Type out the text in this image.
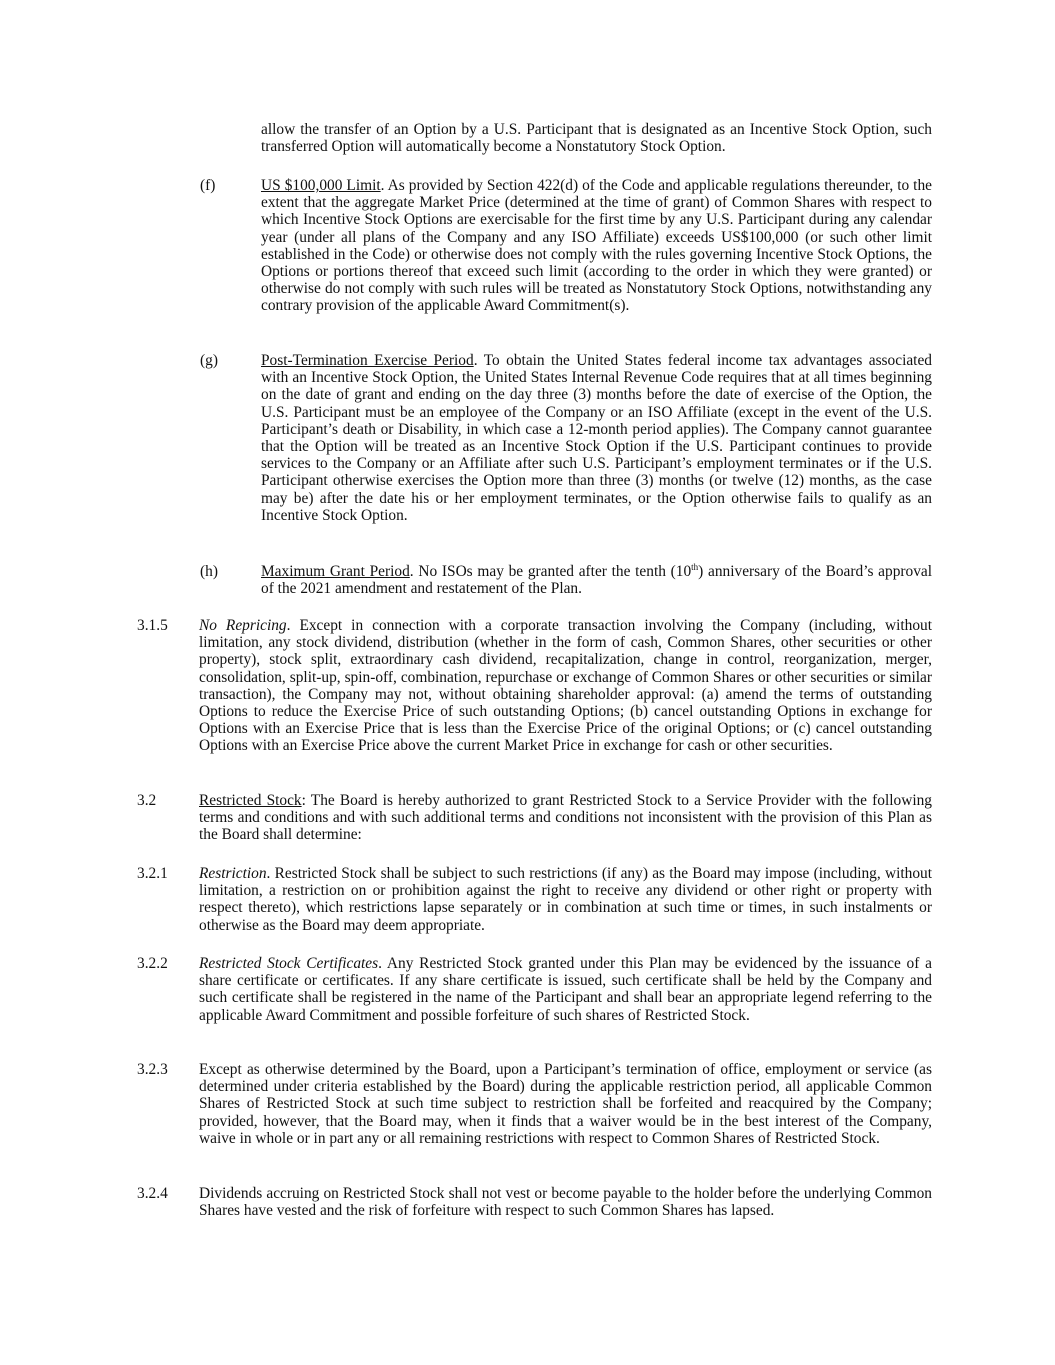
allow the transfer of an Option by a U.S. Participant that is designated as an Incentive Stock Option, such transferred Option will automatically become a Nonstatutory Stock Option.

(f)	US $100,000 Limit. As provided by Section 422(d) of the Code and applicable regulations thereunder, to the extent that the aggregate Market Price (determined at the time of grant) of Common Shares with respect to which Incentive Stock Options are exercisable for the first time by any U.S. Participant during any calendar year (under all plans of the Company and any ISO Affiliate) exceeds US$100,000 (or such other limit established in the Code) or otherwise does not comply with the rules governing Incentive Stock Options, the Options or portions thereof that exceed such limit (according to the order in which they were granted) or otherwise do not comply with such rules will be treated as Nonstatutory Stock Options, notwithstanding any contrary provision of the applicable Award Commitment(s).

(g)	Post-Termination Exercise Period. To obtain the United States federal income tax advantages associated with an Incentive Stock Option, the United States Internal Revenue Code requires that at all times beginning on the date of grant and ending on the day three (3) months before the date of exercise of the Option, the U.S. Participant must be an employee of the Company or an ISO Affiliate (except in the event of the U.S. Participant’s death or Disability, in which case a 12-month period applies). The Company cannot guarantee that the Option will be treated as an Incentive Stock Option if the U.S. Participant continues to provide services to the Company or an Affiliate after such U.S. Participant’s employment terminates or if the U.S. Participant otherwise exercises the Option more than three (3) months (or twelve (12) months, as the case may be) after the date his or her employment terminates, or the Option otherwise fails to qualify as an Incentive Stock Option.

(h)	Maximum Grant Period. No ISOs may be granted after the tenth (10th) anniversary of the Board’s approval of the 2021 amendment and restatement of the Plan.

3.1.5 No Repricing. Except in connection with a corporate transaction involving the Company (including, without limitation, any stock dividend, distribution (whether in the form of cash, Common Shares, other securities or other property), stock split, extraordinary cash dividend, recapitalization, change in control, reorganization, merger, consolidation, split-up, spin-off, combination, repurchase or exchange of Common Shares or other securities or similar transaction), the Company may not, without obtaining shareholder approval: (a) amend the terms of outstanding Options to reduce the Exercise Price of such outstanding Options; (b) cancel outstanding Options in exchange for Options with an Exercise Price that is less than the Exercise Price of the original Options; or (c) cancel outstanding Options with an Exercise Price above the current Market Price in exchange for cash or other securities.

3.2	Restricted Stock: The Board is hereby authorized to grant Restricted Stock to a Service Provider with the following terms and conditions and with such additional terms and conditions not inconsistent with the provision of this Plan as the Board shall determine:

3.2.1 Restriction. Restricted Stock shall be subject to such restrictions (if any) as the Board may impose (including, without limitation, a restriction on or prohibition against the right to receive any dividend or other right or property with respect thereto), which restrictions lapse separately or in combination at such time or times, in such instalments or otherwise as the Board may deem appropriate.

3.2.2 Restricted Stock Certificates. Any Restricted Stock granted under this Plan may be evidenced by the issuance of a share certificate or certificates. If any share certificate is issued, such certificate shall be held by the Company and such certificate shall be registered in the name of the Participant and shall bear an appropriate legend referring to the applicable Award Commitment and possible forfeiture of such shares of Restricted Stock.

3.2.3 Except as otherwise determined by the Board, upon a Participant’s termination of office, employment or service (as determined under criteria established by the Board) during the applicable restriction period, all applicable Common Shares of Restricted Stock at such time subject to restriction shall be forfeited and reacquired by the Company; provided, however, that the Board may, when it finds that a waiver would be in the best interest of the Company, waive in whole or in part any or all remaining restrictions with respect to Common Shares of Restricted Stock.

3.2.4 Dividends accruing on Restricted Stock shall not vest or become payable to the holder before the underlying Common Shares have vested and the risk of forfeiture with respect to such Common Shares has lapsed.
